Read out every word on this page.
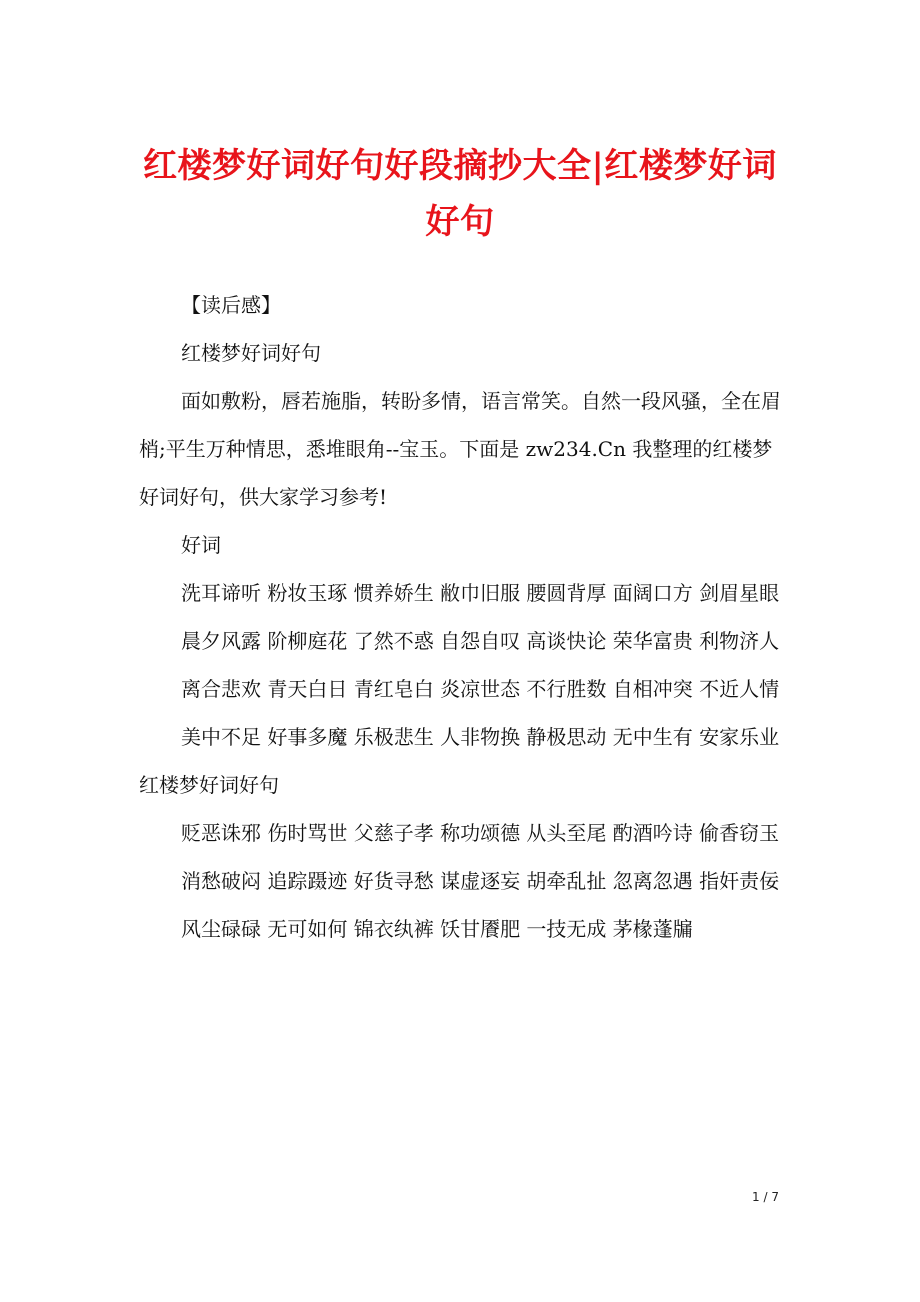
红楼梦好词好句好段摘抄大全|红楼梦好词
好句

【读后感】

红楼梦好词好句

面如敷粉，唇若施脂，转盼多情，语言常笑。自然一段风骚，全在眉梢;平生万种情思，悉堆眼角--宝玉。下面是 zw234.Cn 我整理的红楼梦好词好句，供大家学习参考!

好词

洗耳谛听 粉妆玉琢 惯养娇生 敝巾旧服 腰圆背厚 面阔口方 剑眉星眼

晨夕风露 阶柳庭花 了然不惑 自怨自叹 高谈快论 荣华富贵 利物济人

离合悲欢 青天白日 青红皂白 炎凉世态 不行胜数 自相冲突 不近人情

美中不足 好事多魔 乐极悲生 人非物换 静极思动 无中生有 安家乐业红楼梦好词好句

贬恶诛邪 伤时骂世 父慈子孝 称功颂德 从头至尾 酌酒吟诗 偷香窃玉

消愁破闷 追踪蹑迹 好货寻愁 谋虚逐妄 胡牵乱扯 忽离忽遇 指奸责佞

风尘碌碌 无可如何 锦衣纨裤 饫甘餍肥 一技无成 茅椽蓬牖

1 / 7
